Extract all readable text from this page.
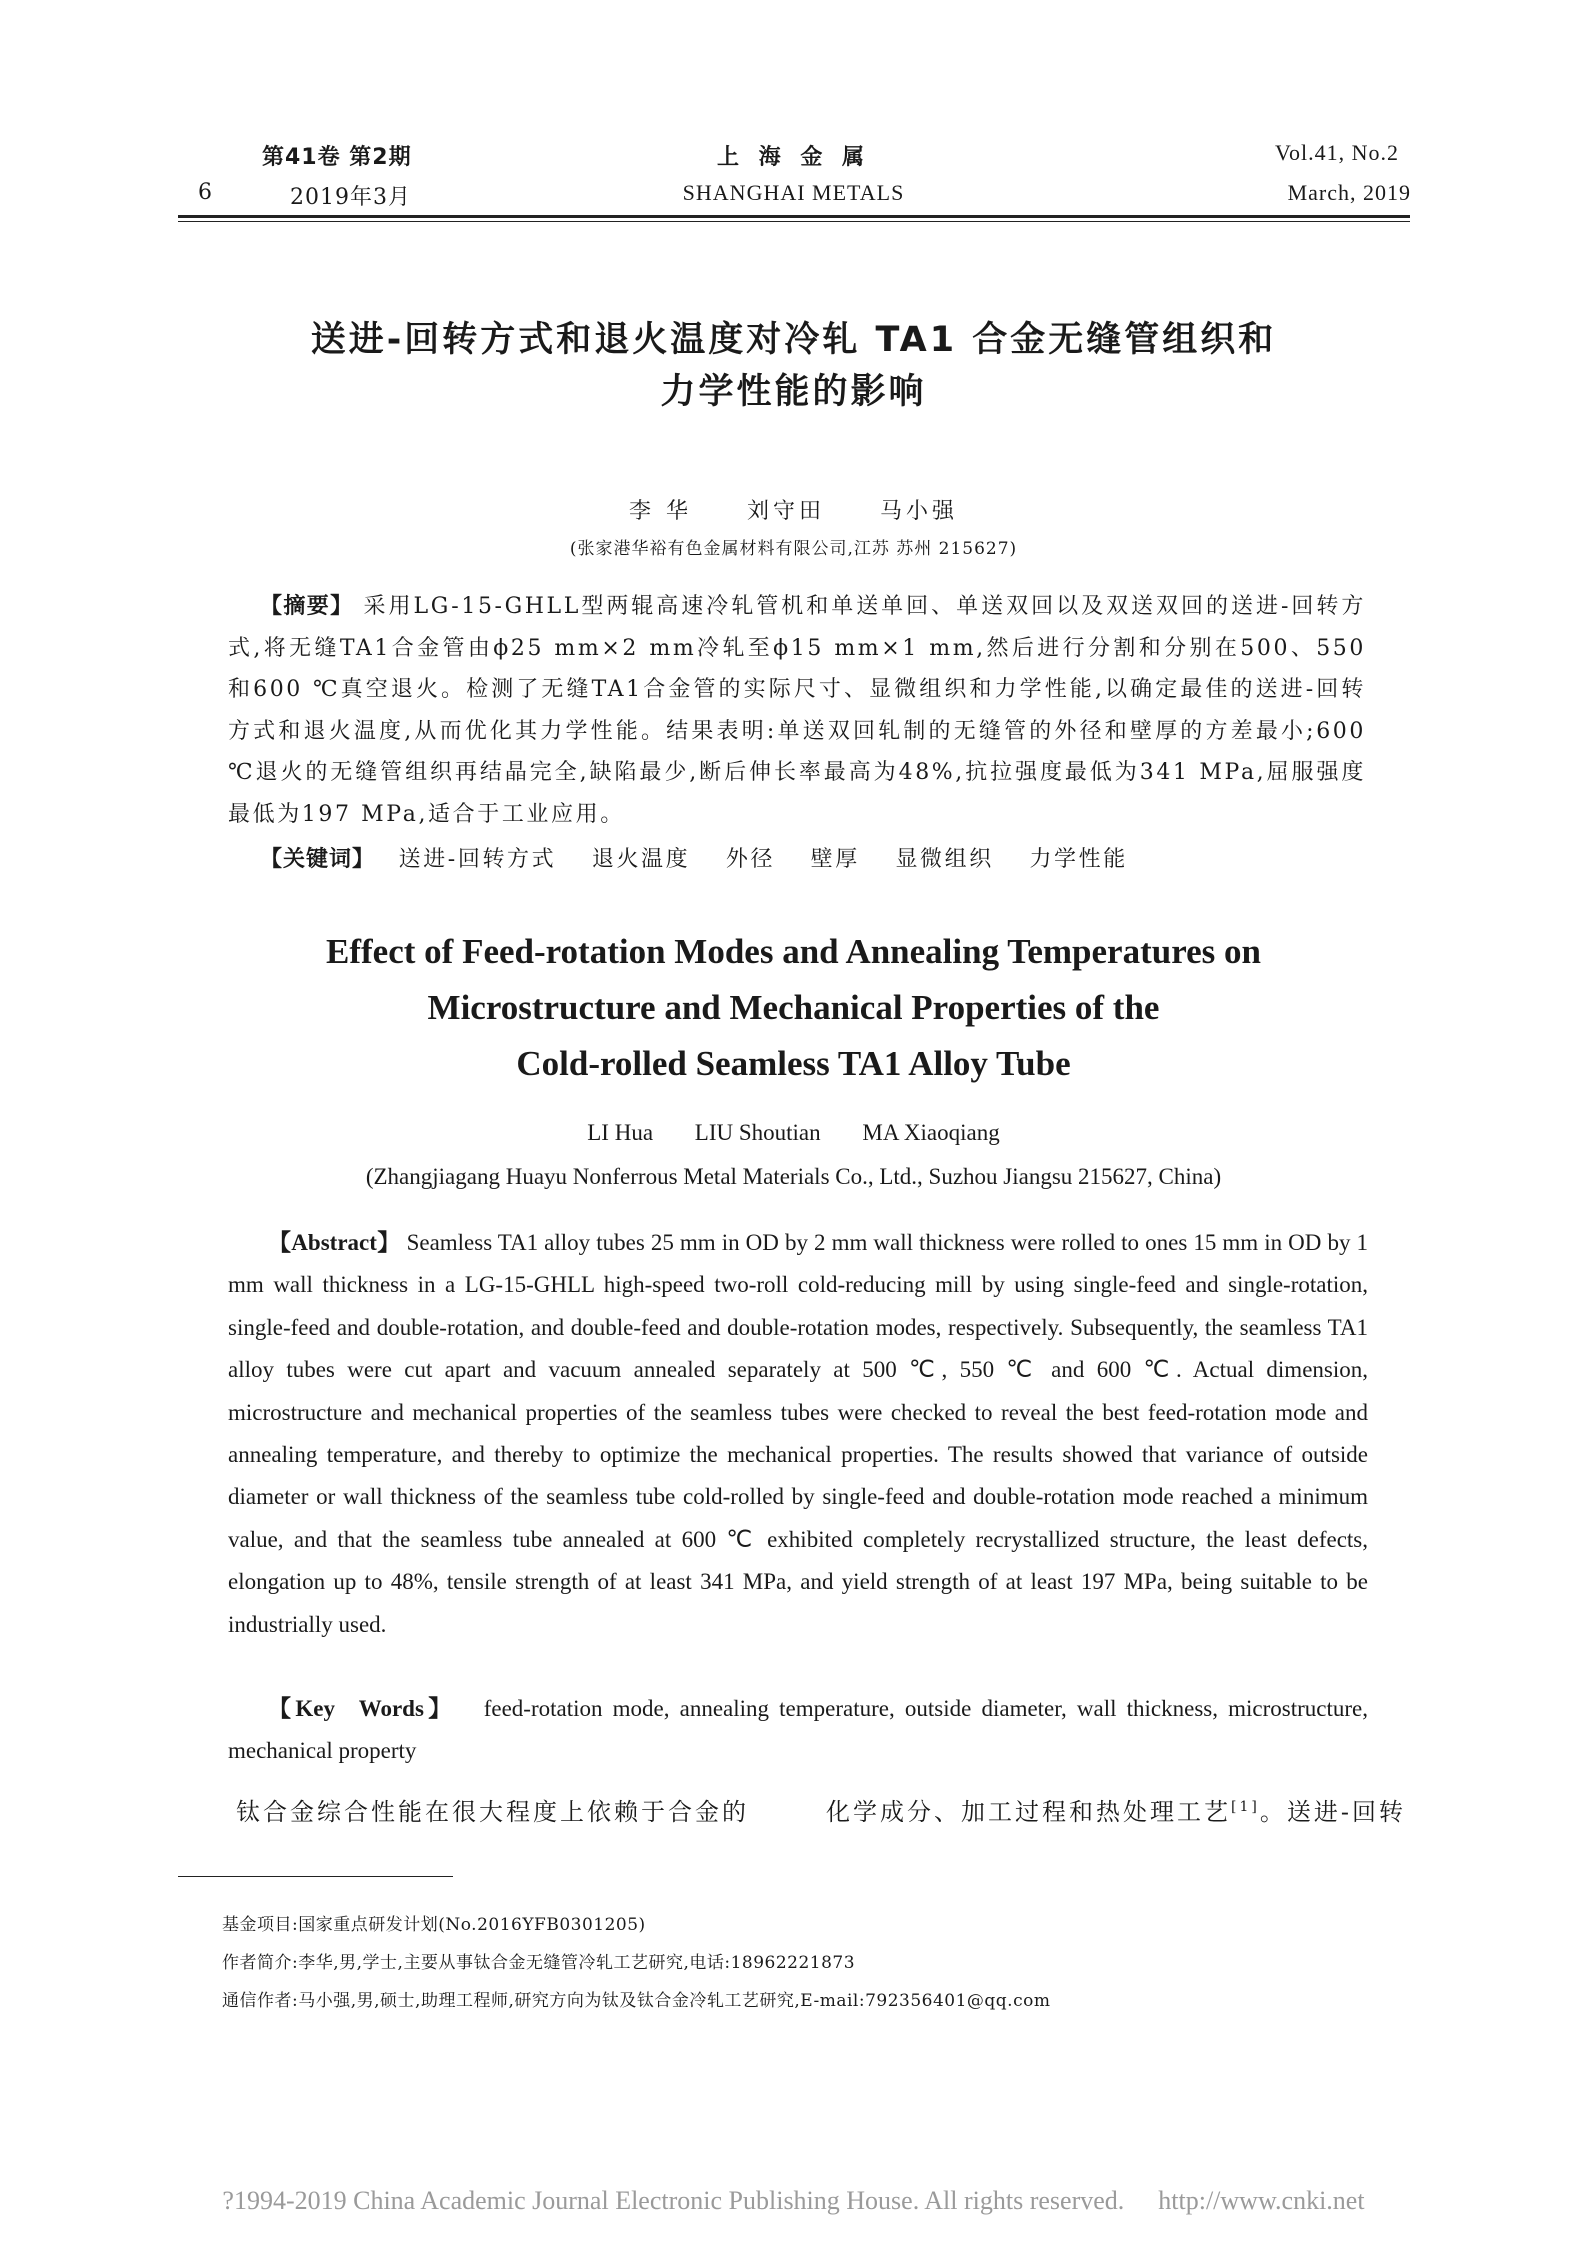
第41卷 第2期
6	2019年3月
上 海 金 属
SHANGHAI METALS
Vol.41, No.2
March, 2019
送进-回转方式和退火温度对冷轧 TA1 合金无缝管组织和
力学性能的影响
李 华 刘守田 马小强
(张家港华裕有色金属材料有限公司,江苏 苏州 215627)
【摘要】 采用LG-15-GHLL型两辊高速冷轧管机和单送单回、单送双回以及双送双回的送进-回转方式,将无缝TA1合金管由ϕ25 mm×2 mm冷轧至ϕ15 mm×1 mm,然后进行分割和分别在500、550和600 ℃真空退火。检测了无缝TA1合金管的实际尺寸、显微组织和力学性能,以确定最佳的送进-回转方式和退火温度,从而优化其力学性能。结果表明:单送双回轧制的无缝管的外径和壁厚的方差最小;600 ℃退火的无缝管组织再结晶完全,缺陷最少,断后伸长率最高为48%,抗拉强度最低为341 MPa,屈服强度最低为197 MPa,适合于工业应用。
【关键词】 送进-回转方式 退火温度 外径 壁厚 显微组织 力学性能
Effect of Feed-rotation Modes and Annealing Temperatures on
Microstructure and Mechanical Properties of the
Cold-rolled Seamless TA1 Alloy Tube
LI Hua LIU Shoutian MA Xiaoqiang
(Zhangjiagang Huayu Nonferrous Metal Materials Co., Ltd., Suzhou Jiangsu 215627, China)
【Abstract】 Seamless TA1 alloy tubes 25 mm in OD by 2 mm wall thickness were rolled to ones 15 mm in OD by 1 mm wall thickness in a LG-15-GHLL high-speed two-roll cold-reducing mill by using single-feed and single-rotation, single-feed and double-rotation, and double-feed and double-rotation modes, respectively. Subsequently, the seamless TA1 alloy tubes were cut apart and vacuum annealed separately at 500 ℃, 550 ℃ and 600 ℃. Actual dimension, microstructure and mechanical properties of the seamless tubes were checked to reveal the best feed-rotation mode and annealing temperature, and thereby to optimize the mechanical properties. The results showed that variance of outside diameter or wall thickness of the seamless tube cold-rolled by single-feed and double-rotation mode reached a minimum value, and that the seamless tube annealed at 600 ℃ exhibited completely recrystallized structure, the least defects, elongation up to 48%, tensile strength of at least 341 MPa, and yield strength of at least 197 MPa, being suitable to be industrially used.
【Key Words】 feed-rotation mode, annealing temperature, outside diameter, wall thickness, microstructure, mechanical property
钛合金综合性能在很大程度上依赖于合金的	化学成分、加工过程和热处理工艺[1]。送进-回转
基金项目:国家重点研发计划(No.2016YFB0301205)
作者简介:李华,男,学士,主要从事钛合金无缝管冷轧工艺研究,电话:18962221873
通信作者:马小强,男,硕士,助理工程师,研究方向为钛及钛合金冷轧工艺研究,E-mail:792356401@qq.com
?1994-2019 China Academic Journal Electronic Publishing House. All rights reserved. http://www.cnki.net
